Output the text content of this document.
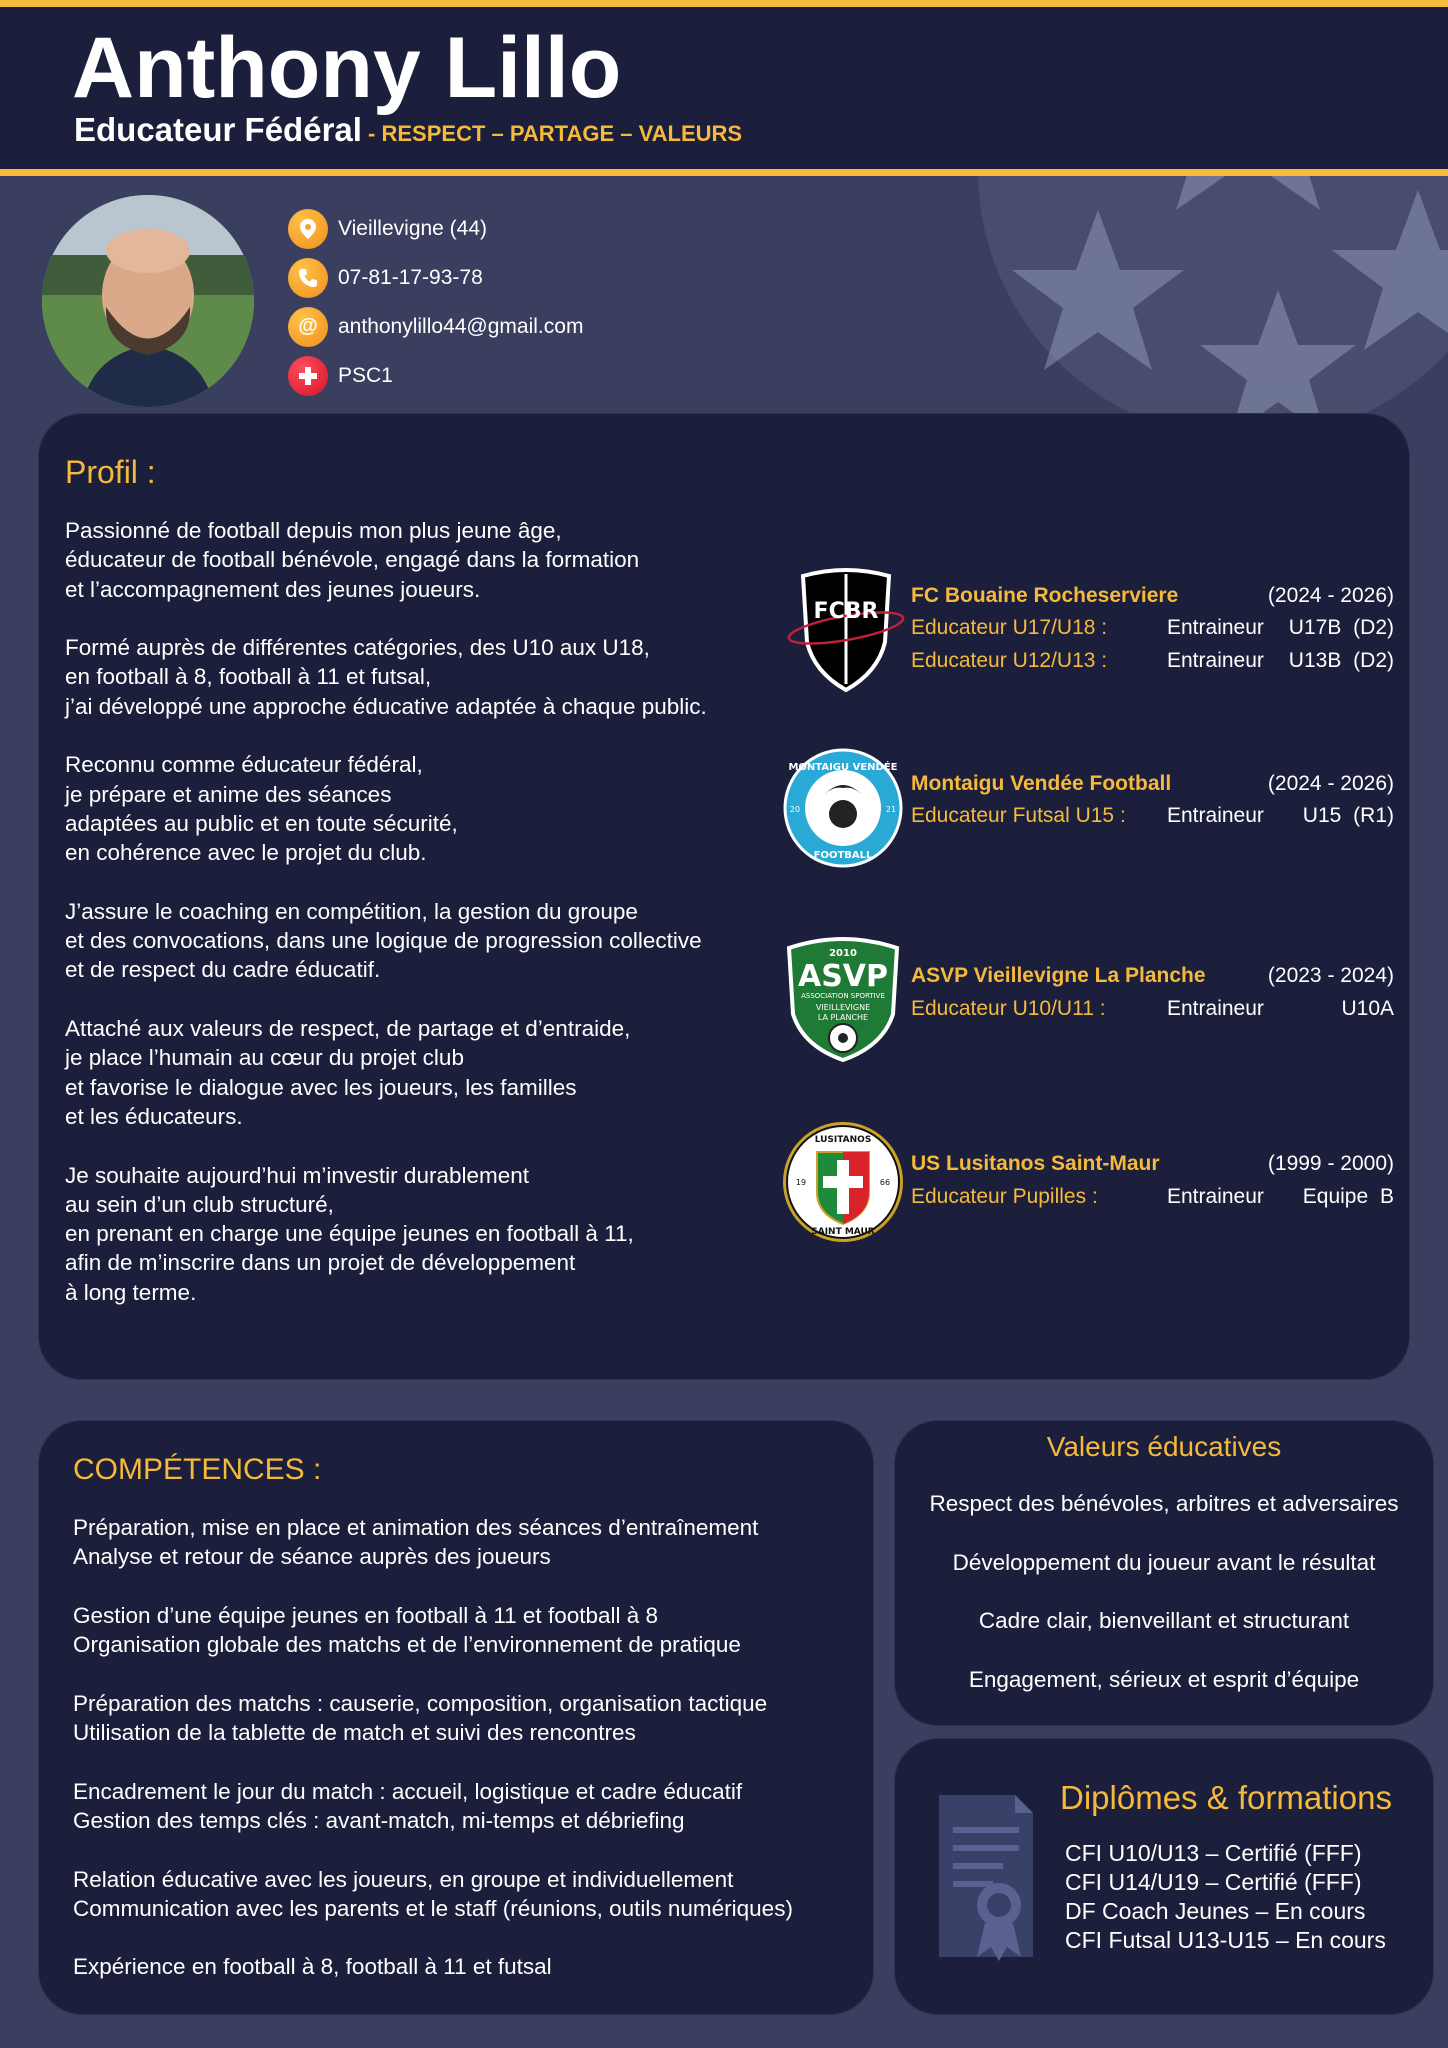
Anthony Lillo
Educateur Fédéral - RESPECT – PARTAGE – VALEURS
Vieillevigne (44)
07-81-17-93-78
@ anthonylillo44@gmail.com
PSC1
Profil :
Passionné de football depuis mon plus jeune âge,
éducateur de football bénévole, engagé dans la formation
et l’accompagnement des jeunes joueurs.
Formé auprès de différentes catégories, des U10 aux U18,
en football à 8, football à 11 et futsal,
j’ai développé une approche éducative adaptée à chaque public.
Reconnu comme éducateur fédéral,
je prépare et anime des séances
adaptées au public et en toute sécurité,
en cohérence avec le projet du club.
J’assure le coaching en compétition, la gestion du groupe
et des convocations, dans une logique de progression collective
et de respect du cadre éducatif.
Attaché aux valeurs de respect, de partage et d’entraide,
je place l’humain au cœur du projet club
et favorise le dialogue avec les joueurs, les familles
et les éducateurs.
Je souhaite aujourd’hui m’investir durablement
au sein d’un club structuré,
en prenant en charge une équipe jeunes en football à 11,
afin de m’inscrire dans un projet de développement
à long terme.
FCBR
FC Bouaine Rocheserviere	(2024 - 2026)
Educateur U17/U18 :	Entraineur U17B (D2)
Educateur U12/U13 :	Entraineur U13B (D2)
MONTAIGU VENDÉE
FOOTBALL
20	21
Montaigu Vendée Football	(2024 - 2026)
Educateur Futsal U15 : Entraineur U15 (R1)
2010
ASVP
ASSOCIATION SPORTIVE
VIEILLEVIGNE
LA PLANCHE
ASVP Vieillevigne La Planche	(2023 - 2024)
Educateur U10/U11 :	Entraineur	U10A
LUSITANOS
SAINT MAUR
19	66
US Lusitanos Saint-Maur	(1999 - 2000)
Educateur Pupilles :	Entraineur Equipe B
COMPÉTENCES :
Préparation, mise en place et animation des séances d’entraînement
Analyse et retour de séance auprès des joueurs
Gestion d’une équipe jeunes en football à 11 et football à 8
Organisation globale des matchs et de l’environnement de pratique
Préparation des matchs : causerie, composition, organisation tactique
Utilisation de la tablette de match et suivi des rencontres
Encadrement le jour du match : accueil, logistique et cadre éducatif
Gestion des temps clés : avant-match, mi-temps et débriefing
Relation éducative avec les joueurs, en groupe et individuellement
Communication avec les parents et le staff (réunions, outils numériques)
Expérience en football à 8, football à 11 et futsal
Valeurs éducatives
Respect des bénévoles, arbitres et adversaires
Développement du joueur avant le résultat
Cadre clair, bienveillant et structurant
Engagement, sérieux et esprit d’équipe
Diplômes & formations
CFI U10/U13 – Certifié (FFF)
CFI U14/U19 – Certifié (FFF)
DF Coach Jeunes – En cours
CFI Futsal U13-U15 – En cours
